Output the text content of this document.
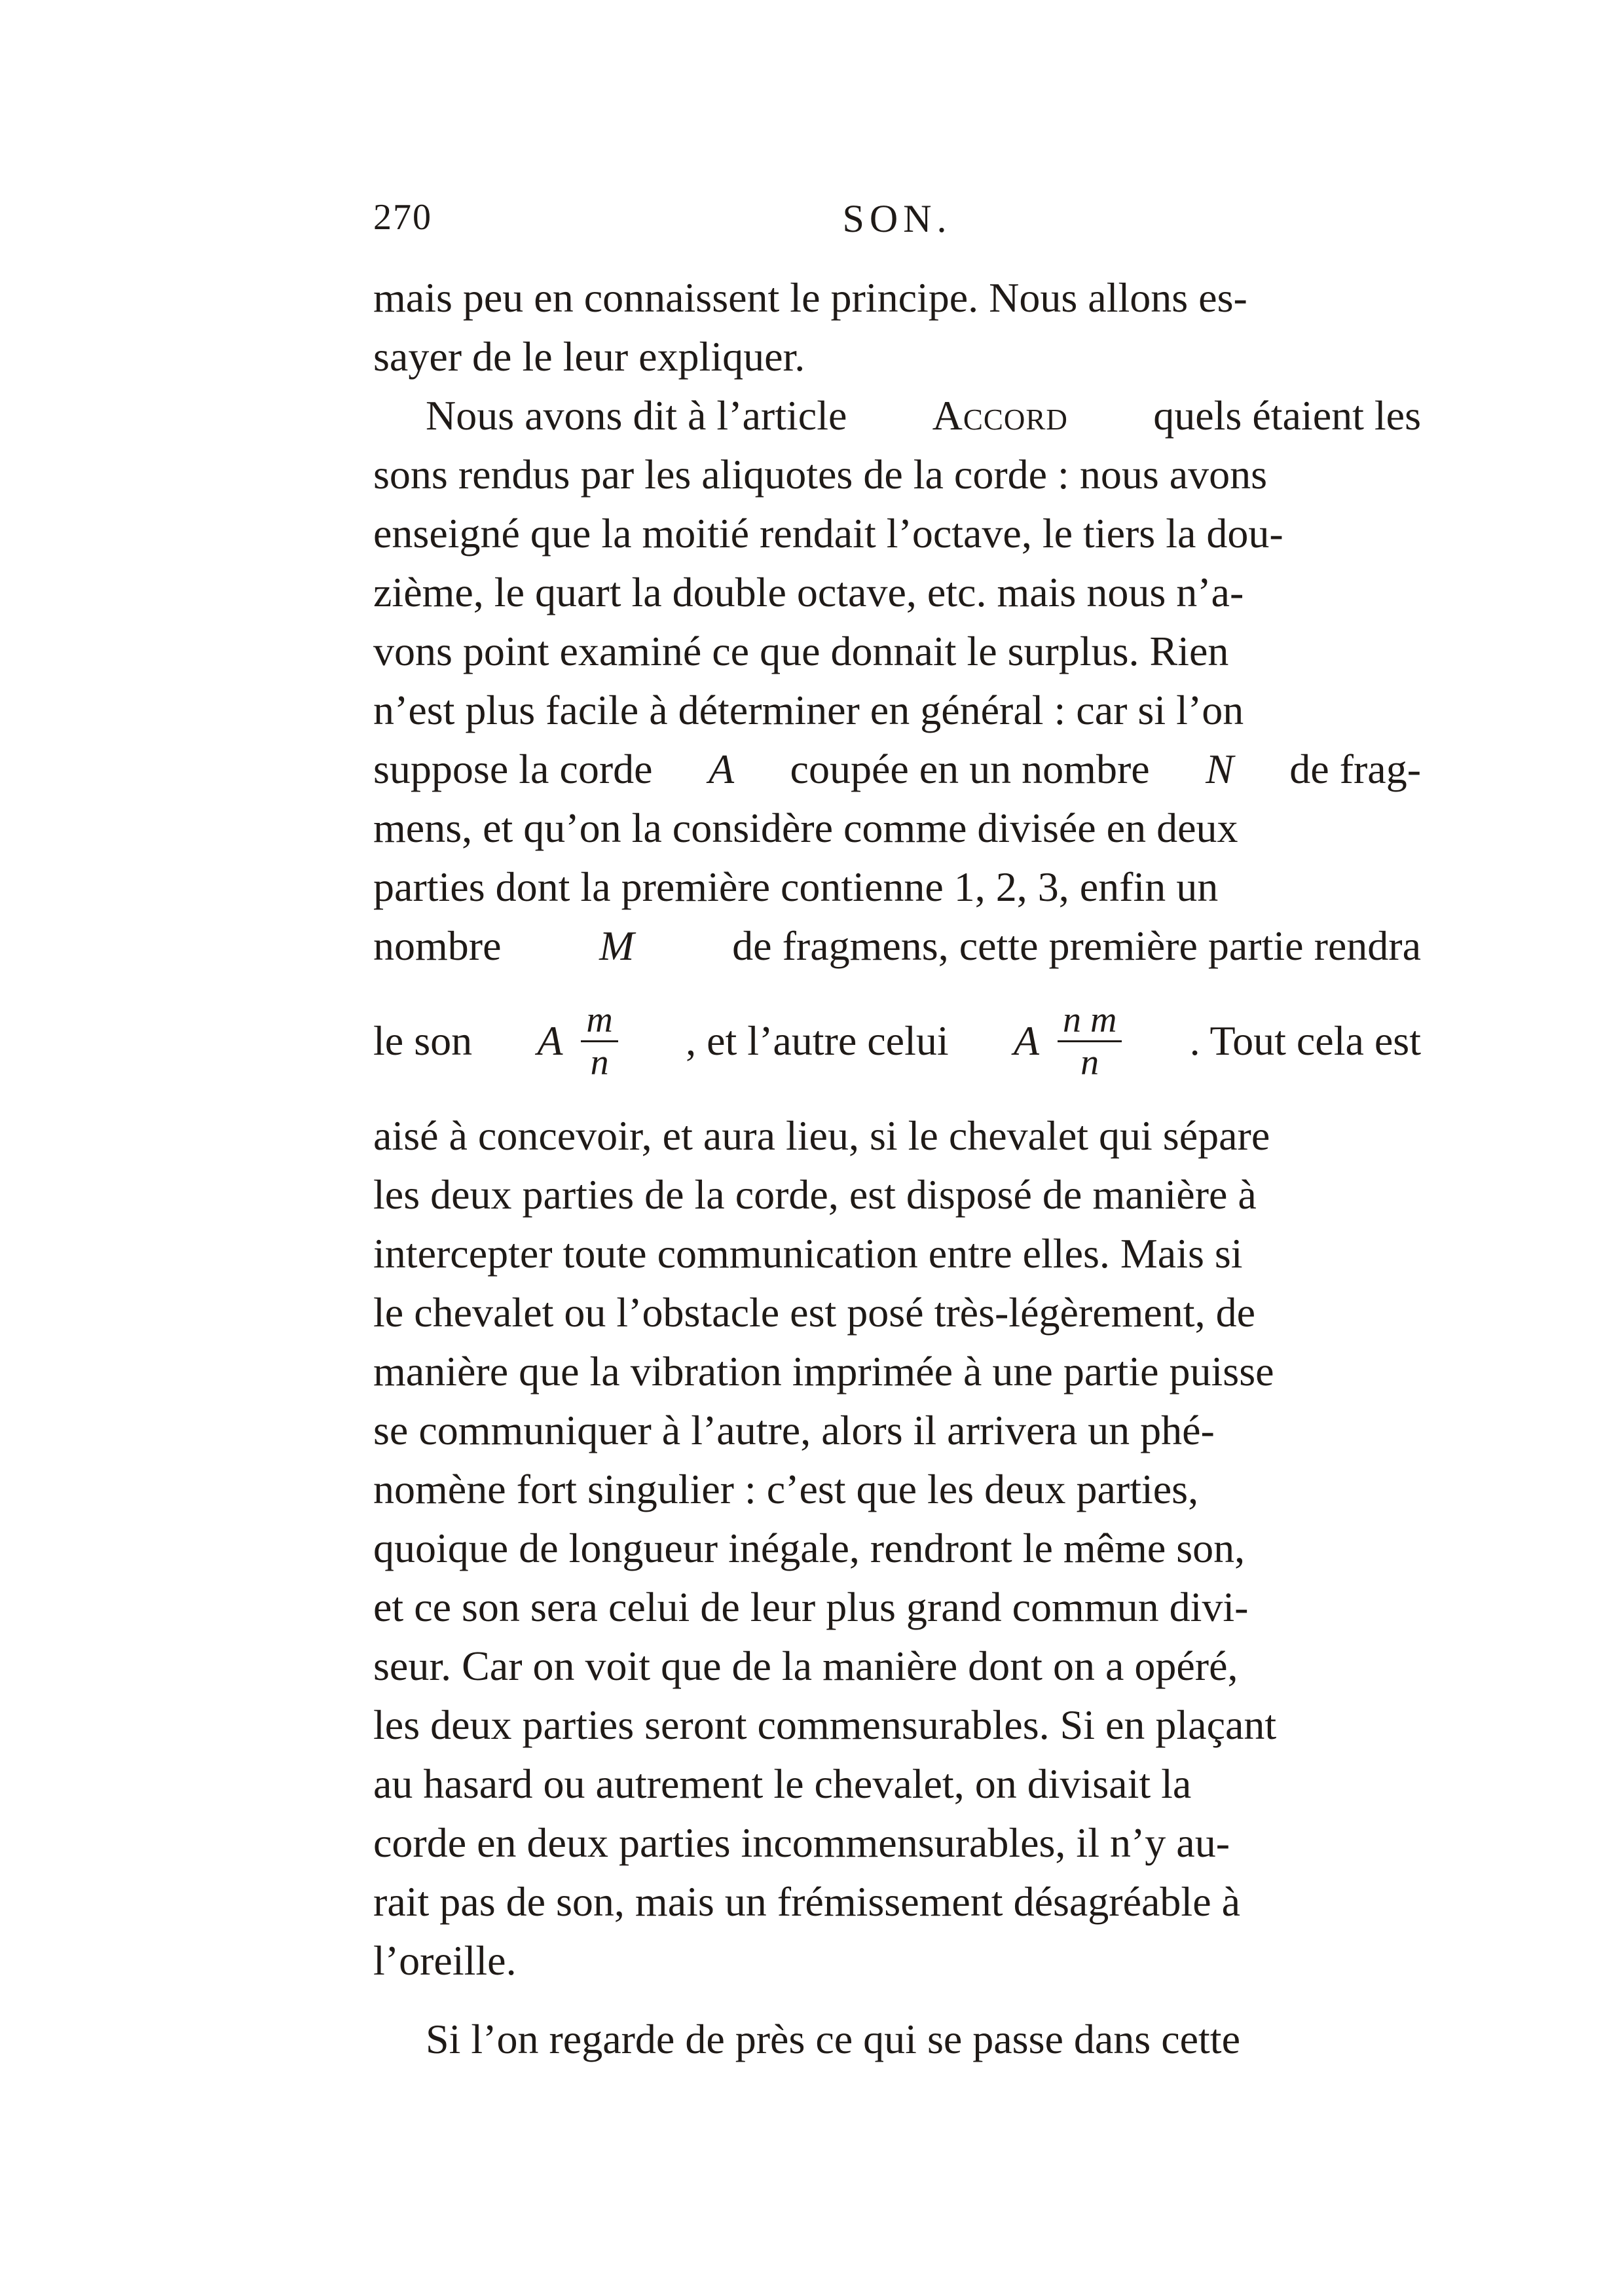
270	SON.
mais peu en connaissent le principe. Nous allons es-
sayer de le leur expliquer.
Nous avons dit à l’article Accord quels étaient les
sons rendus par les aliquotes de la corde : nous avons
enseigné que la moitié rendait l’octave, le tiers la dou-
zième, le quart la double octave, etc. mais nous n’a-
vons point examiné ce que donnait le surplus. Rien
n’est plus facile à déterminer en général : car si l’on
suppose la corde A coupée en un nombre N de frag-
mens, et qu’on la considère comme divisée en deux
parties dont la première contienne 1, 2, 3, enfin un
nombre M de fragmens, cette première partie rendra
le son A $\frac{m}{n}$ , et l’autre celui A $\frac{\text{n m}}{n}$ . Tout cela est
aisé à concevoir, et aura lieu, si le chevalet qui sépare
les deux parties de la corde, est disposé de manière à
intercepter toute communication entre elles. Mais si
le chevalet ou l’obstacle est posé très-légèrement, de
manière que la vibration imprimée à une partie puisse
se communiquer à l’autre, alors il arrivera un phé-
nomène fort singulier : c’est que les deux parties,
quoique de longueur inégale, rendront le même son,
et ce son sera celui de leur plus grand commun divi-
seur. Car on voit que de la manière dont on a opéré,
les deux parties seront commensurables. Si en plaçant
au hasard ou autrement le chevalet, on divisait la
corde en deux parties incommensurables, il n’y au-
rait pas de son, mais un frémissement désagréable à
l’oreille.
Si l’on regarde de près ce qui se passe dans cette
